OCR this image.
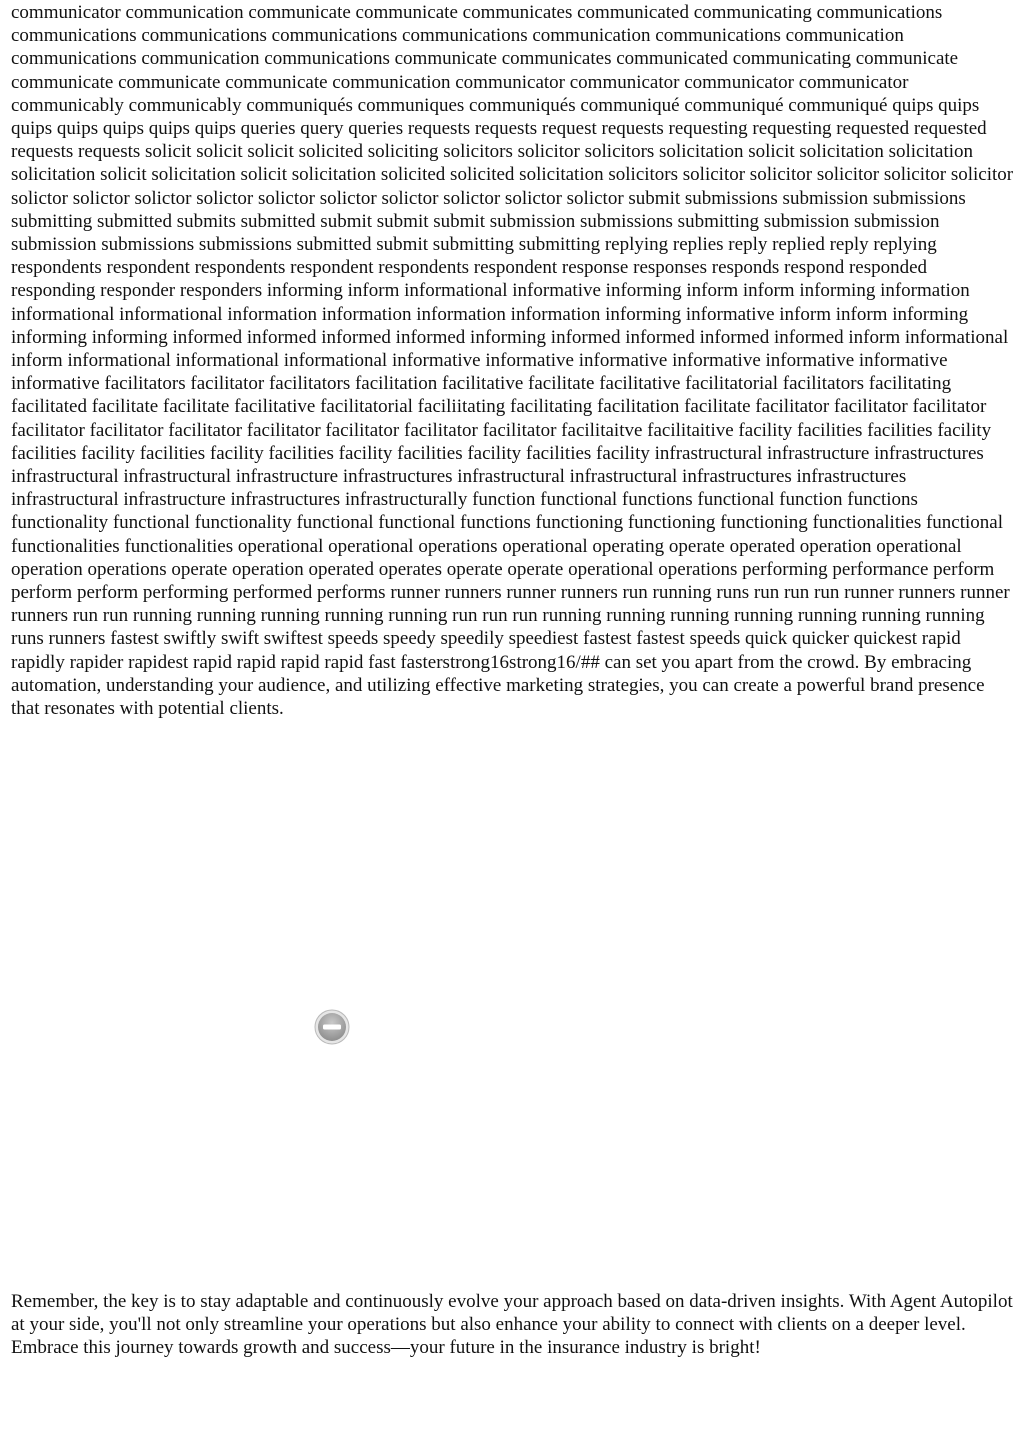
communicator communication communicate communicate communicates communicated communicating communications communications communications communications communications communication communications communication communications communication communications communicate communicates communicated communicating communicate communicate communicate communicate communication communicator communicator communicator communicator communicably communicably communiqués communiques communiqués communiqué communiqué communiqué quips quips quips quips quips quips quips queries query queries requests requests request requests requesting requesting requested requested requests requests solicit solicit solicit solicited soliciting solicitors solicitor solicitors solicitation solicit solicitation solicitation solicitation solicit solicitation solicit solicitation solicited solicited solicitation solicitors solicitor solicitor solicitor solicitor solicitor solictor solictor solictor solictor solictor solictor solictor solictor solictor solictor submit submissions submission submissions submitting submitted submits submitted submit submit submit submission submissions submitting submission submission submission submissions submissions submitted submit submitting submitting replying replies reply replied reply replying respondents respondent respondents respondent respondents respondent response responses responds respond responded responding responder responders informing inform informational informative informing inform inform informing information informational informational information information information information informing informative inform inform informing informing informing informed informed informed informed informing informed informed informed informed inform informational inform informational informational informational informative informative informative informative informative informative informative facilitators facilitator facilitators facilitation facilitative facilitate facilitative facilitatorial facilitators facilitating facilitated facilitate facilitate facilitative facilitatorial faciliitating facilitating facilitation facilitate facilitator facilitator facilitator facilitator facilitator facilitator facilitator facilitator facilitator facilitator facilitaitve facilitaitive facility facilities facilities facility facilities facility facilities facility facilities facility facilities facility facilities facility infrastructural infrastructure infrastructures infrastructural infrastructural infrastructure infrastructures infrastructural infrastructural infrastructures infrastructures infrastructural infrastructure infrastructures infrastructurally function functional functions functional function functions functionality functional functionality functional functional functions functioning functioning functioning functionalities functional functionalities functionalities operational operational operations operational operating operate operated operation operational operation operations operate operation operated operates operate operate operational operations performing performance perform perform perform performing performed performs runner runners runner runners run running runs run run run runner runners runner runners run run running running running running running run run run running running running running running running running runs runners fastest swiftly swift swiftest speeds speedy speedily speediest fastest fastest speeds quick quicker quickest rapid rapidly rapider rapidest rapid rapid rapid rapid fast fasterstrong16strong16/## can set you apart from the crowd. By embracing automation, understanding your audience, and utilizing effective marketing strategies, you can create a powerful brand presence that resonates with potential clients.

Remember, the key is to stay adaptable and continuously evolve your approach based on data-driven insights. With Agent Autopilot at your side, you'll not only streamline your operations but also enhance your ability to connect with clients on a deeper level. Embrace this journey towards growth and success—your future in the insurance industry is bright!
